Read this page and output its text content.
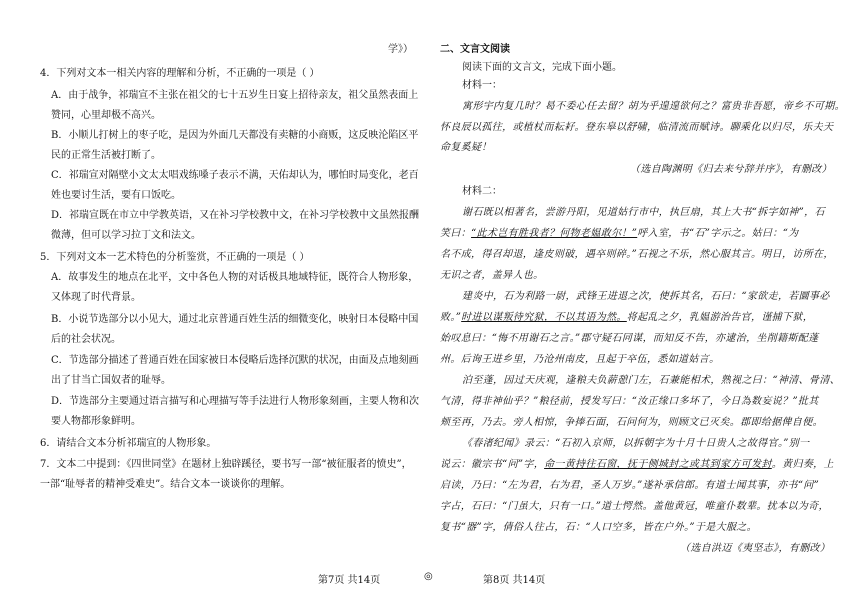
学》）
4．下列对文本一相关内容的理解和分析，不正确的一项是（ ）
A．由于战争，祁瑞宣不主张在祖父的七十五岁生日宴上招待亲友，祖父虽然表面上
赞同，心里却极不高兴。
B．小顺儿打树上的枣子吃，是因为外面几天都没有卖糖的小商贩，这反映沦陷区平
民的正常生活被打断了。
C．祁瑞宣对隔壁小文太太唱戏练嗓子表示不满，天佑却认为，哪怕时局变化，老百
姓也要讨生活，要有口饭吃。
D．祁瑞宣既在市立中学教英语，又在补习学校教中文，在补习学校教中文虽然报酬
微薄，但可以学习拉丁文和法文。
5．下列对文本一艺术特色的分析鉴赏，不正确的一项是（ ）
A．故事发生的地点在北平，文中各色人物的对话极具地域特征，既符合人物形象，
又体现了时代背景。
B．小说节选部分以小见大，通过北京普通百姓生活的细微变化，映射日本侵略中国
后的社会状况。
C．节选部分描述了普通百姓在国家被日本侵略后选择沉默的状况，由面及点地刻画
出了甘当亡国奴者的耻辱。
D．节选部分主要通过语言描写和心理描写等手法进行人物形象刻画，主要人物和次
要人物都形象鲜明。
6．请结合文本分析祁瑞宣的人物形象。
7．文本二中提到：《四世同堂》在题材上独辟蹊径，要书写一部“被征服者的愤史”，
一部“耻辱者的精神受难史”。结合文本一谈谈你的理解。
二、文言文阅读
阅读下面的文言文，完成下面小题。
材料一：
寓形宇内复几时？曷不委心任去留？胡为乎遑遑欲何之？富贵非吾愿，帝乡不可期。
怀良辰以孤往，或植杖而耘耔。登东皋以舒啸，临清流而赋诗。聊乘化以归尽，乐夫天
命复奚疑！
（选自陶渊明《归去来兮辞并序》，有删改）
材料二：
谢石既以相著名，尝游丹阳，见道姑行市中，执巨扇，其上大书“拆字如神”，石
笑曰：“此术岂有胜我者？何物老媪敢尔！”呼入室，书“石”字示之。姑曰：“为
名不成，得召却退，逢皮则破，遇卒则碎。”石视之不乐，然心服其言。明日，访所在，
无识之者，盖异人也。
建炎中，石为利路一尉，武锋王进退之次，使拆其名，石曰：“家欲走，若圜事必
败。”时进以谋叛待究狱，不以其语为然。将起乱之夕，乳媪游治告官，谨捕下狱，
始叹息曰：“悔不用谢石之言。”郡守疑石同谋，而知反不告，亦逮治，坐削籍斯配蓬
州。后询王进乡里，乃沧州南皮，且起于卒伍，悉如道姑言。
泊至蓬，因过天庆观，逢粮夫负薪憩门左，石兼能相术，熟视之曰：“神清、骨清、
气清，得非神仙乎？”粮径前，授发写曰：“汝正缘口多坏了，今日為数妄说？”批其
颊至再，乃去。旁人相惊，争捧石面，石问何为，则顾文已灭矣。郡即给据俾自便。
《春渚纪闻》录云：“石初入京师，以拆朝字为十月十日贵人之故得官。”别一
说云：徽宗书“问”字，命一黄持往石窗，抚于侧城封之或其到家方可发封。黄归奏，上
启读，乃曰：“左为君，右为君，圣人万岁。”遂补承信郎。有道士闻其事，亦书“问”
字占，石曰：“门虽大，只有一口。”道士愕然。盖他黄冠，唯童仆数辈。扰本以为奇，
复书“器”字，倩俗人往占，石：“人口空多，皆在户外。”于是大服之。
（选自洪迈《夷坚志》，有删改）
第7页 共14页	◎	第8页 共14页
